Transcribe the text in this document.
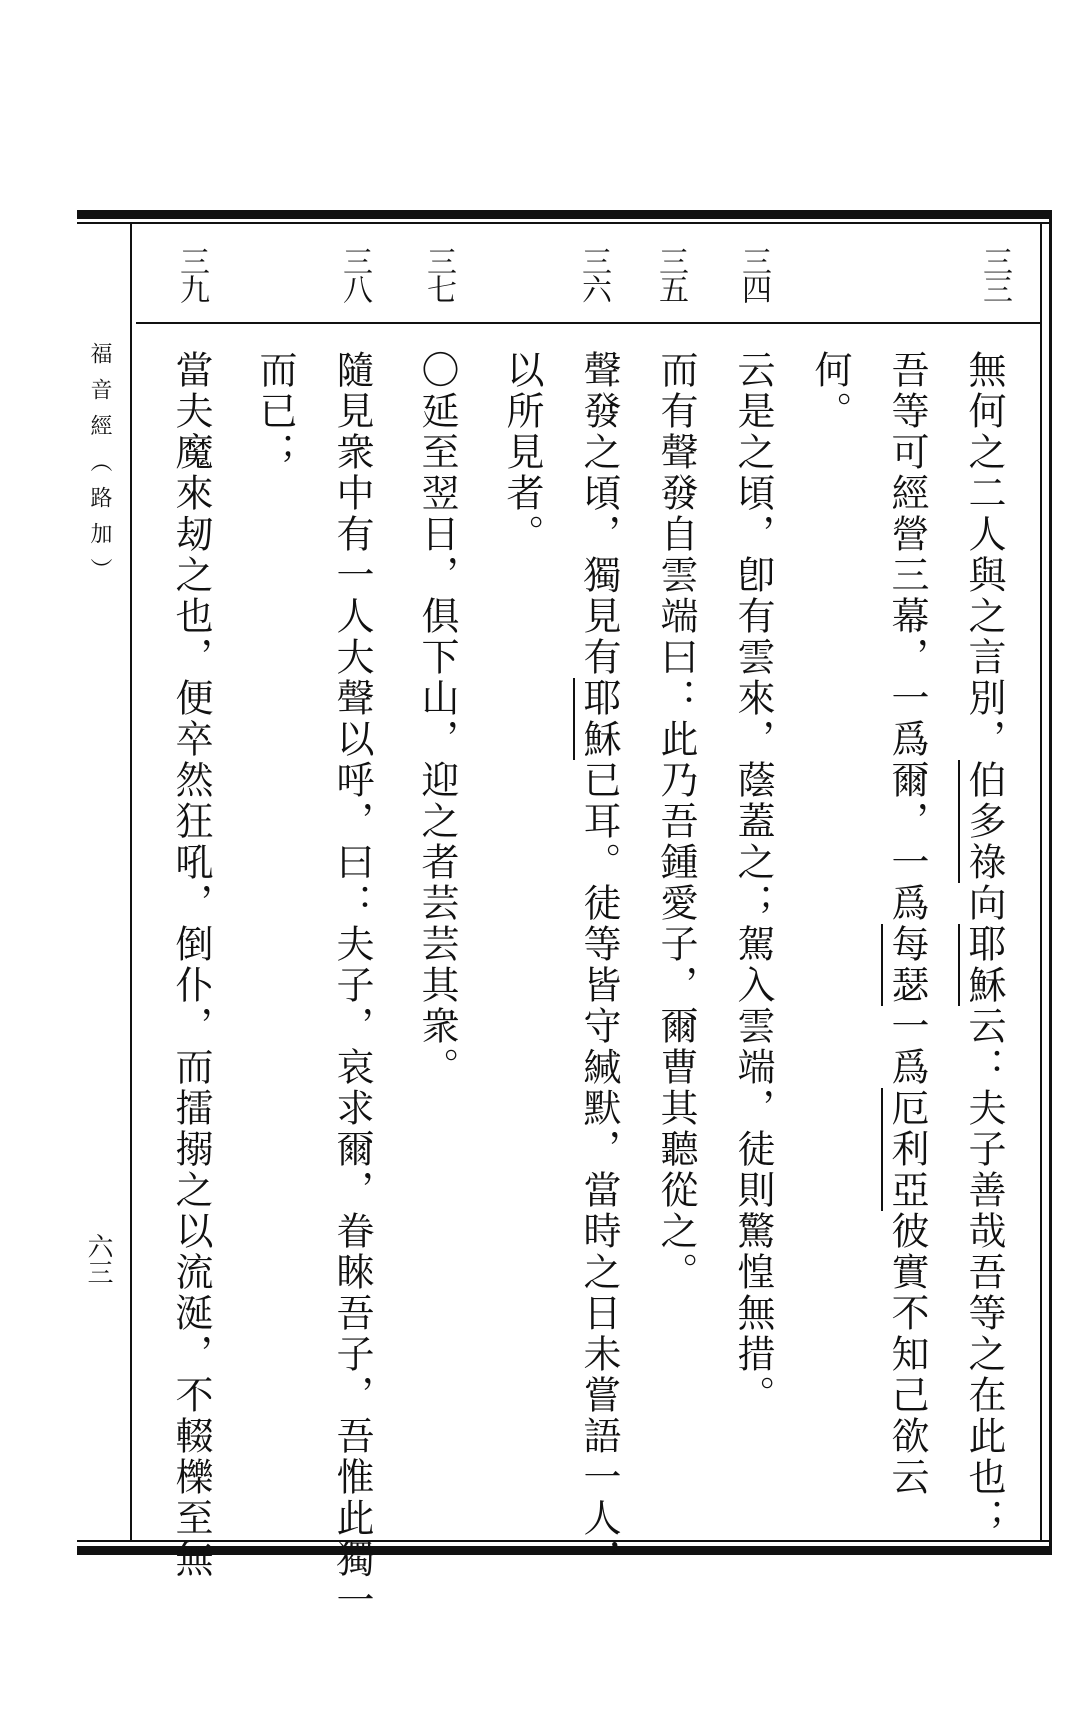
福音經（路加）
六三
三三
三四
三五
三六
三七
三八
三九
無何之二人與之言別，伯多祿向耶穌云：夫子善哉吾等之在此也；
吾等可經營三幕，一爲爾，一爲每瑟一爲厄利亞彼實不知己欲云
何。
云是之頃，卽有雲來，蔭蓋之；駕入雲端，徒則驚惶無措。
而有聲發自雲端曰：此乃吾鍾愛子，爾曹其聽從之。
聲發之頃，獨見有耶穌已耳。徒等皆守緘默，當時之日未嘗語一人，
以所見者。
〇延至翌日，俱下山，迎之者芸芸其衆。
隨見衆中有一人大聲以呼，曰：夫子，哀求爾，眷睞吾子，吾惟此獨一
而已；
當夫魔來刼之也，便卒然狂吼，倒仆，而擂搦之以流涎，不輟櫟至無
